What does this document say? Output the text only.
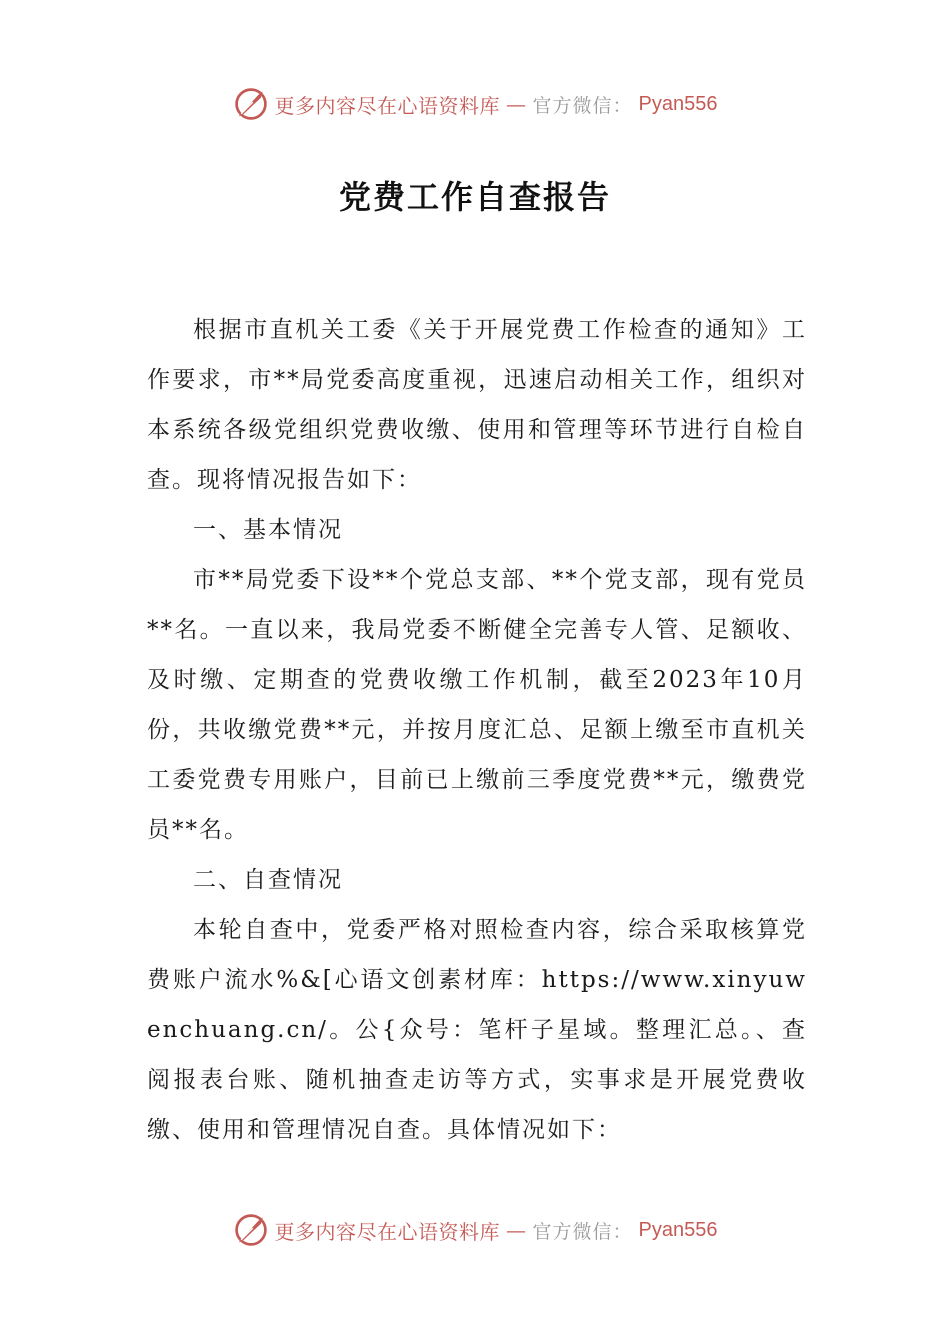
更多内容尽在心语资料库 — 官方微信： Pyan556
党费工作自查报告

根据市直机关工委《关于开展党费工作检查的通知》工作要求，市**局党委高度重视，迅速启动相关工作，组织对本系统各级党组织党费收缴、使用和管理等环节进行自检自查。现将情况报告如下：

一、基本情况

市**局党委下设**个党总支部、**个党支部，现有党员**名。一直以来，我局党委不断健全完善专人管、足额收、及时缴、定期查的党费收缴工作机制，截至2023年10月份，共收缴党费**元，并按月度汇总、足额上缴至市直机关工委党费专用账户，目前已上缴前三季度党费**元，缴费党员**名。

二、自查情况

本轮自查中，党委严格对照检查内容，综合采取核算党费账户流水%&[心语文创素材库：https://www.xinyuwenchuang.cn/。公{众号：笔杆子星域。整理汇总。、查阅报表台账、随机抽查走访等方式，实事求是开展党费收缴、使用和管理情况自查。具体情况如下：

更多内容尽在心语资料库 — 官方微信： Pyan556
